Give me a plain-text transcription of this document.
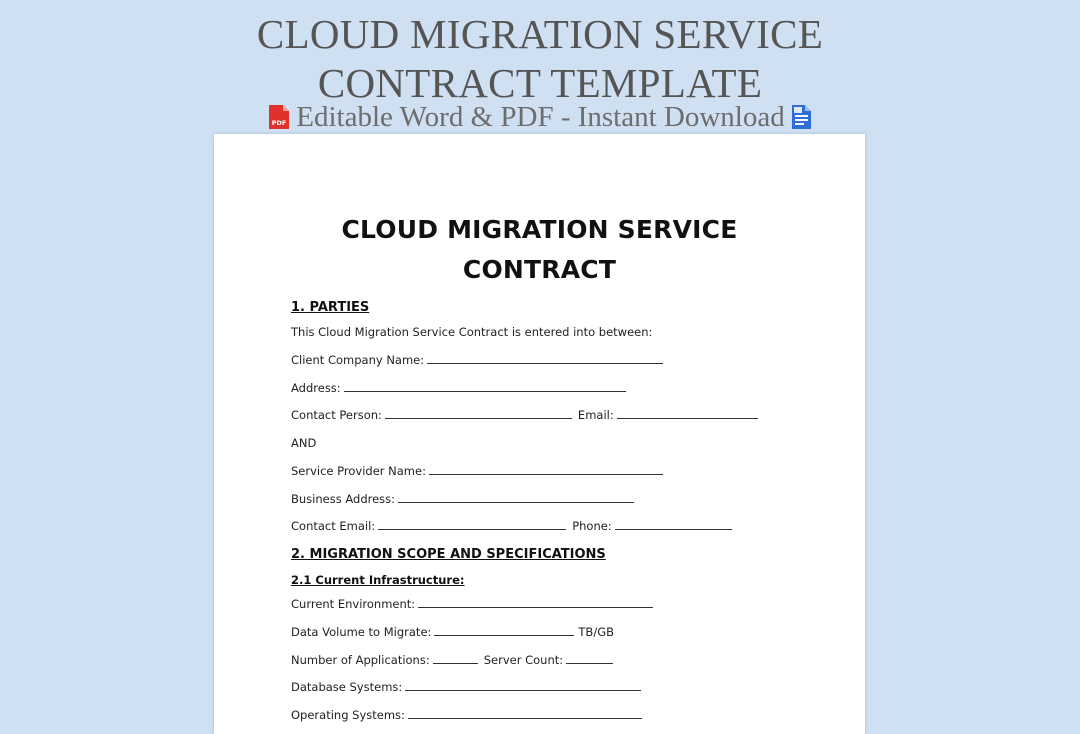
CLOUD MIGRATION SERVICE
CONTRACT TEMPLATE
PDF Editable Word & PDF - Instant Download
CLOUD MIGRATION SERVICE
CONTRACT
1. PARTIES
This Cloud Migration Service Contract is entered into between:
Client Company Name:
Address:
Contact Person:	Email:
AND
Service Provider Name:
Business Address:
Contact Email:	Phone:
2. MIGRATION SCOPE AND SPECIFICATIONS
2.1 Current Infrastructure:
Current Environment:
Data Volume to Migrate:	TB/GB
Number of Applications:	Server Count:
Database Systems:
Operating Systems:
